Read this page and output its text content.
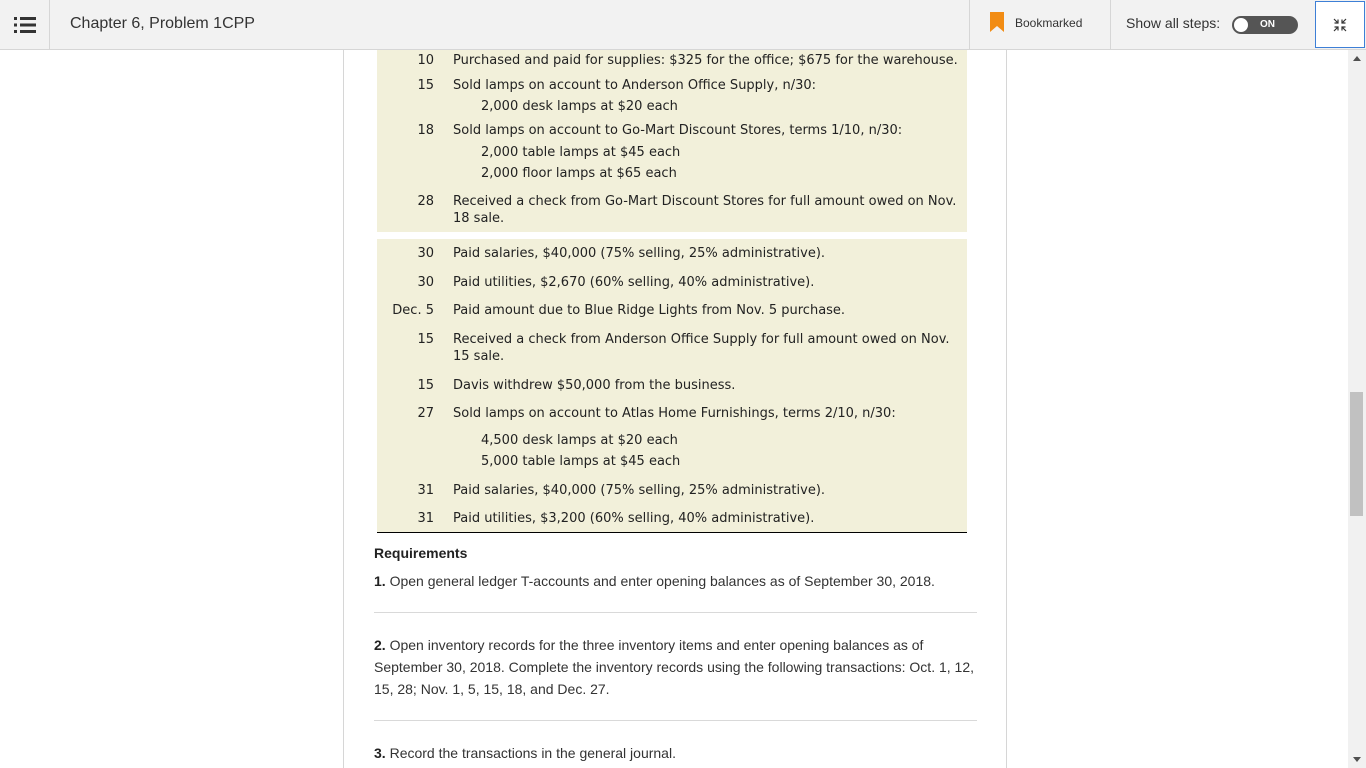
Chapter 6, Problem 1CPP	Bookmarked	Show all steps:	ON
10 Purchased and paid for supplies: $325 for the office; $675 for the warehouse.
15 Sold lamps on account to Anderson Office Supply, n/30:
2,000 desk lamps at $20 each
18 Sold lamps on account to Go-Mart Discount Stores, terms 1/10, n/30:
2,000 table lamps at $45 each
2,000 floor lamps at $65 each
28 Received a check from Go-Mart Discount Stores for full amount owed on Nov. 18 sale.
30 Paid salaries, $40,000 (75% selling, 25% administrative).
30 Paid utilities, $2,670 (60% selling, 40% administrative).
Dec. 5 Paid amount due to Blue Ridge Lights from Nov. 5 purchase.
15 Received a check from Anderson Office Supply for full amount owed on Nov. 15 sale.
15 Davis withdrew $50,000 from the business.
27 Sold lamps on account to Atlas Home Furnishings, terms 2/10, n/30:
4,500 desk lamps at $20 each
5,000 table lamps at $45 each
31 Paid salaries, $40,000 (75% selling, 25% administrative).
31 Paid utilities, $3,200 (60% selling, 40% administrative).
Requirements
1. Open general ledger T-accounts and enter opening balances as of September 30, 2018.
2. Open inventory records for the three inventory items and enter opening balances as of September 30, 2018. Complete the inventory records using the following transactions: Oct. 1, 12, 15, 28; Nov. 1, 5, 15, 18, and Dec. 27.
3. Record the transactions in the general journal.
